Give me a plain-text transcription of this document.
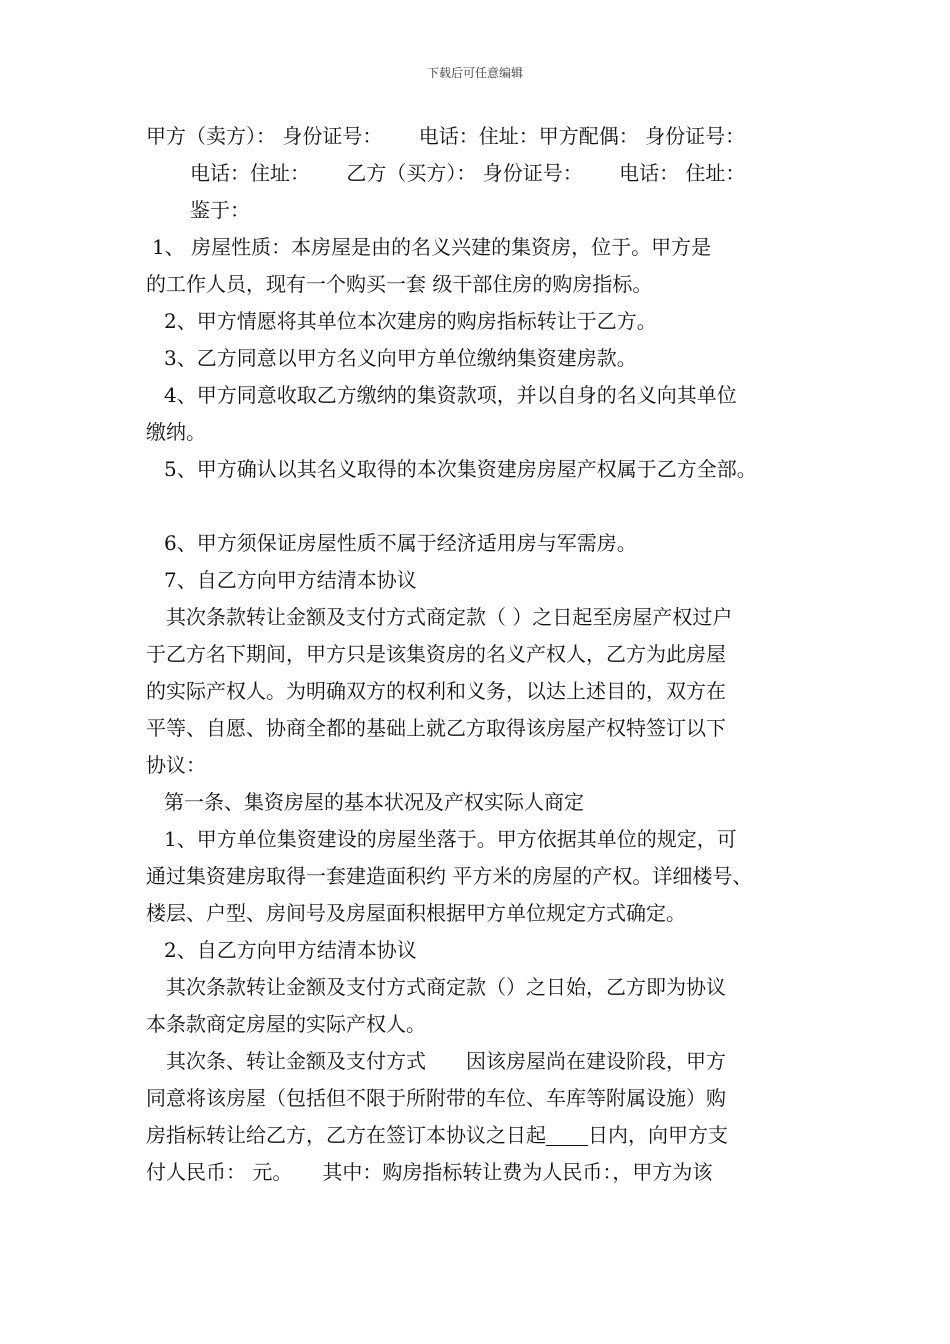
下载后可任意编辑
甲方（卖方）： 身份证号：　　 电话：住址：甲方配偶： 身份证号：
电话：住址：　　 乙方（买方）： 身份证号：　　 电话： 住址：
鉴于：
1、 房屋性质：本房屋是由的名义兴建的集资房，位于。甲方是
的工作人员，现有一个购买一套 级干部住房的购房指标。
2、甲方情愿将其单位本次建房的购房指标转让于乙方。
3、乙方同意以甲方名义向甲方单位缴纳集资建房款。
4、甲方同意收取乙方缴纳的集资款项，并以自身的名义向其单位
缴纳。
5、甲方确认以其名义取得的本次集资建房房屋产权属于乙方全部。
6、甲方须保证房屋性质不属于经济适用房与军需房。
7、自乙方向甲方结清本协议
其次条款转让金额及支付方式商定款（ ）之日起至房屋产权过户
于乙方名下期间，甲方只是该集资房的名义产权人，乙方为此房屋
的实际产权人。为明确双方的权利和义务，以达上述目的，双方在
平等、自愿、协商全都的基础上就乙方取得该房屋产权特签订以下
协议：
第一条、集资房屋的基本状况及产权实际人商定
1、甲方单位集资建设的房屋坐落于。甲方依据其单位的规定，可
通过集资建房取得一套建造面积约 平方米的房屋的产权。详细楼号、
楼层、户型、房间号及房屋面积根据甲方单位规定方式确定。
2、自乙方向甲方结清本协议
其次条款转让金额及支付方式商定款（）之日始，乙方即为协议
本条款商定房屋的实际产权人。
其次条、转让金额及支付方式　　因该房屋尚在建设阶段，甲方
同意将该房屋（包括但不限于所附带的车位、车库等附属设施）购
房指标转让给乙方，乙方在签订本协议之日起 日内，向甲方支
付人民币： 元。　　其中：购房指标转让费为人民币：，甲方为该
